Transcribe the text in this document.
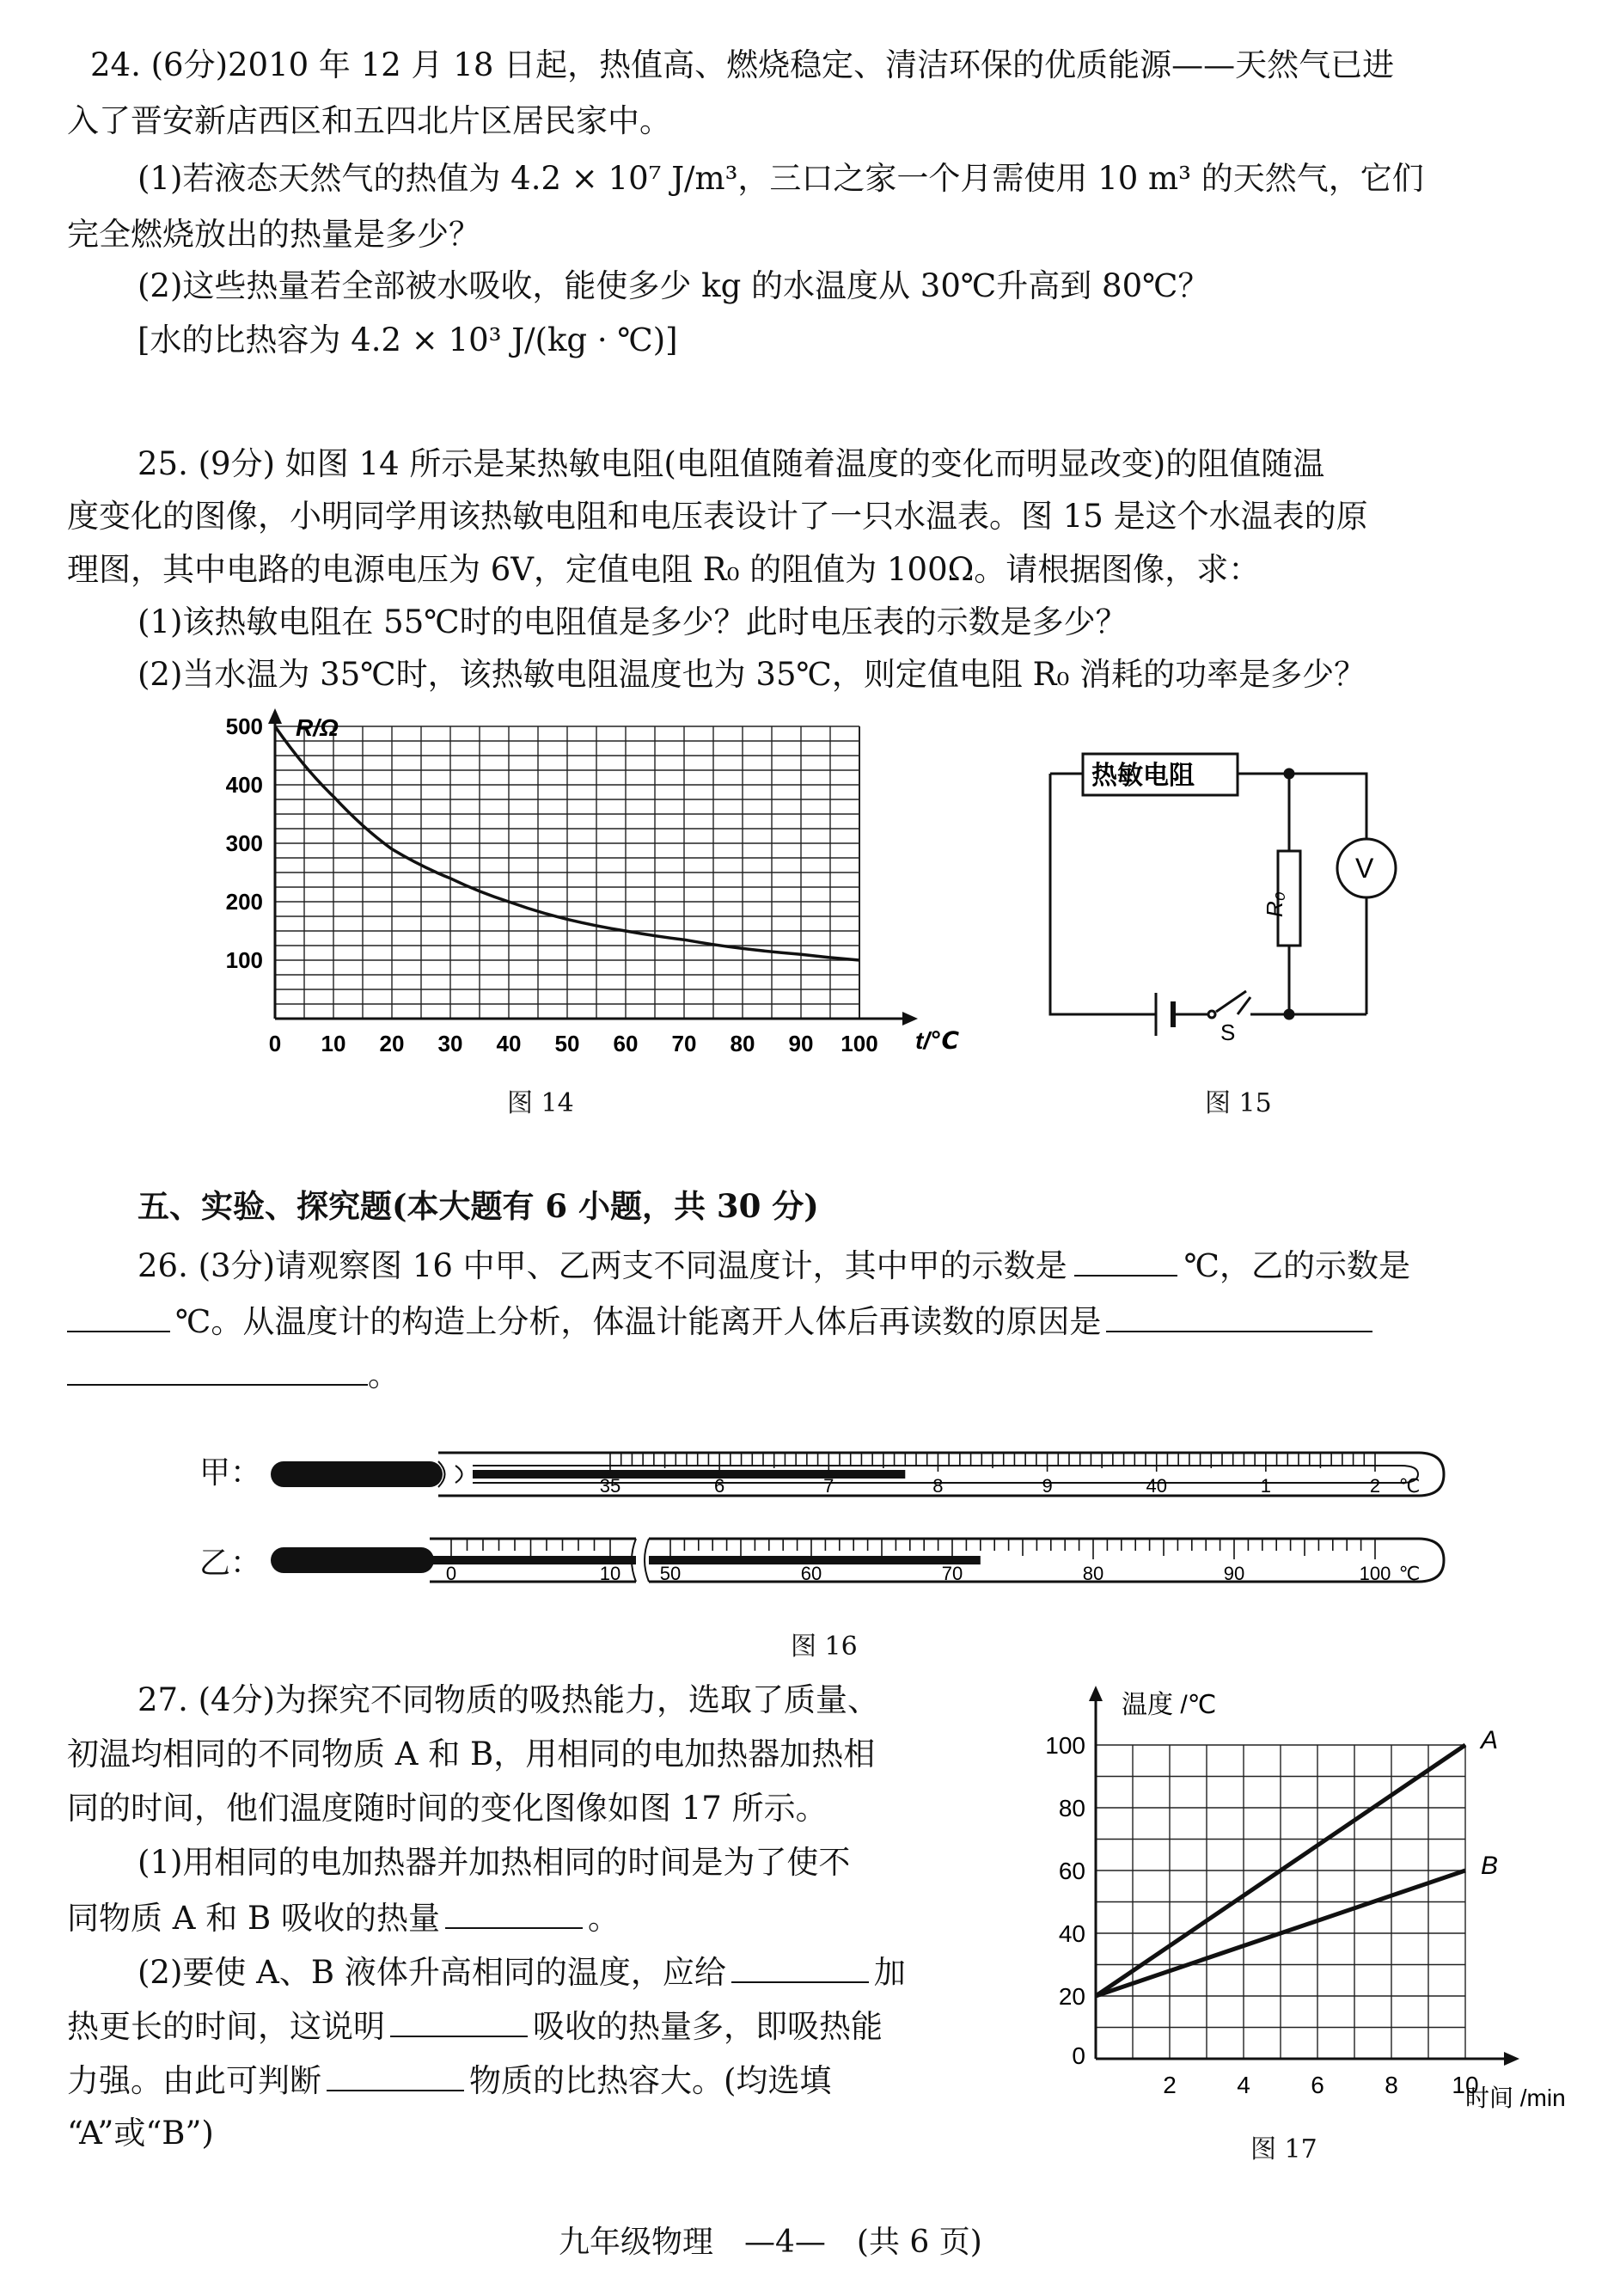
24. (6分)2010 年 12 月 18 日起，热值高、燃烧稳定、清洁环保的优质能源——天然气已进
入了晋安新店西区和五四北片区居民家中。
(1)若液态天然气的热值为 4.2 × 10⁷ J/m³，三口之家一个月需使用 10 m³ 的天然气，它们
完全燃烧放出的热量是多少？
(2)这些热量若全部被水吸收，能使多少 kg 的水温度从 30℃升高到 80℃？
[水的比热容为 4.2 × 10³ J/(kg · ℃)]
25. (9分) 如图 14 所示是某热敏电阻(电阻值随着温度的变化而明显改变)的阻值随温
度变化的图像，小明同学用该热敏电阻和电压表设计了一只水温表。图 15 是这个水温表的原
理图，其中电路的电源电压为 6V，定值电阻 R₀ 的阻值为 100Ω。请根据图像，求：
(1)该热敏电阻在 55℃时的电阻值是多少？此时电压表的示数是多少？
(2)当水温为 35℃时，该热敏电阻温度也为 35℃，则定值电阻 R₀ 消耗的功率是多少？
0 10 20 30 40 50 60 70 80 90 100
100
200
300
400
500 R/Ω
t/℃
图 14
热敏电阻
R₀
V
S
图 15
五、实验、探究题(本大题有 6 小题，共 30 分)
26. (3分)请观察图 16 中甲、乙两支不同温度计，其中甲的示数是	℃，乙的示数是
℃。从温度计的构造上分析，体温计能离开人体后再读数的原因是
。
甲：
乙：
35	6	7	8	9	40	1	2 ℃
0	10 50	60	70	80	90	100 ℃
图 16
27. (4分)为探究不同物质的吸热能力，选取了质量、
初温均相同的不同物质 A 和 B，用相同的电加热器加热相
同的时间，他们温度随时间的变化图像如图 17 所示。
(1)用相同的电加热器并加热相同的时间是为了使不
同物质 A 和 B 吸收的热量	。
(2)要使 A、B 液体升高相同的温度，应给	加
热更长的时间，这说明	吸收的热量多，即吸热能
力强。由此可判断	物质的比热容大。(均选填
“A”或“B”)
2	4	6	8 10
0
20
40
60
80
100	A
B
温度 /℃
时间 /min
图 17
九年级物理　—4—　(共 6 页)
